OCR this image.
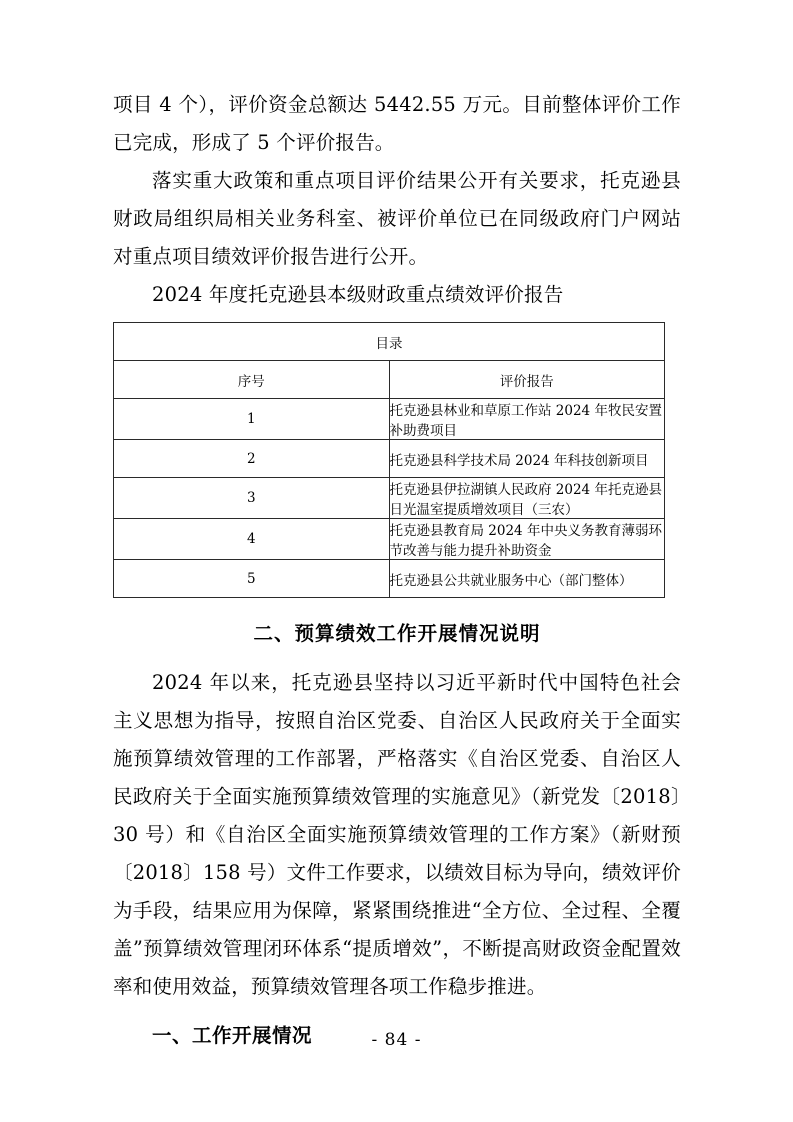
项目 4 个），评价资金总额达 5442.55 万元。目前整体评价工作已完成，形成了 5 个评价报告。

落实重大政策和重点项目评价结果公开有关要求，托克逊县财政局组织局相关业务科室、被评价单位已在同级政府门户网站对重点项目绩效评价报告进行公开。

2024 年度托克逊县本级财政重点绩效评价报告
目录	
序号	评价报告
1	托克逊县林业和草原工作站 2024 年牧民安置补助费项目
2	托克逊县科学技术局 2024 年科技创新项目
3	托克逊县伊拉湖镇人民政府 2024 年托克逊县日光温室提质增效项目（三农）
4	托克逊县教育局 2024 年中央义务教育薄弱环节改善与能力提升补助资金
5	托克逊县公共就业服务中心（部门整体）
二、预算绩效工作开展情况说明

2024 年以来，托克逊县坚持以习近平新时代中国特色社会主义思想为指导，按照自治区党委、自治区人民政府关于全面实施预算绩效管理的工作部署，严格落实《自治区党委、自治区人民政府关于全面实施预算绩效管理的实施意见》（新党发〔2018〕30 号）和《自治区全面实施预算绩效管理的工作方案》（新财预〔2018〕158 号）文件工作要求，以绩效目标为导向，绩效评价为手段，结果应用为保障，紧紧围绕推进“全方位、全过程、全覆盖”预算绩效管理闭环体系“提质增效”，不断提高财政资金配置效率和使用效益，预算绩效管理各项工作稳步推进。

一、工作开展情况	- 84 -
